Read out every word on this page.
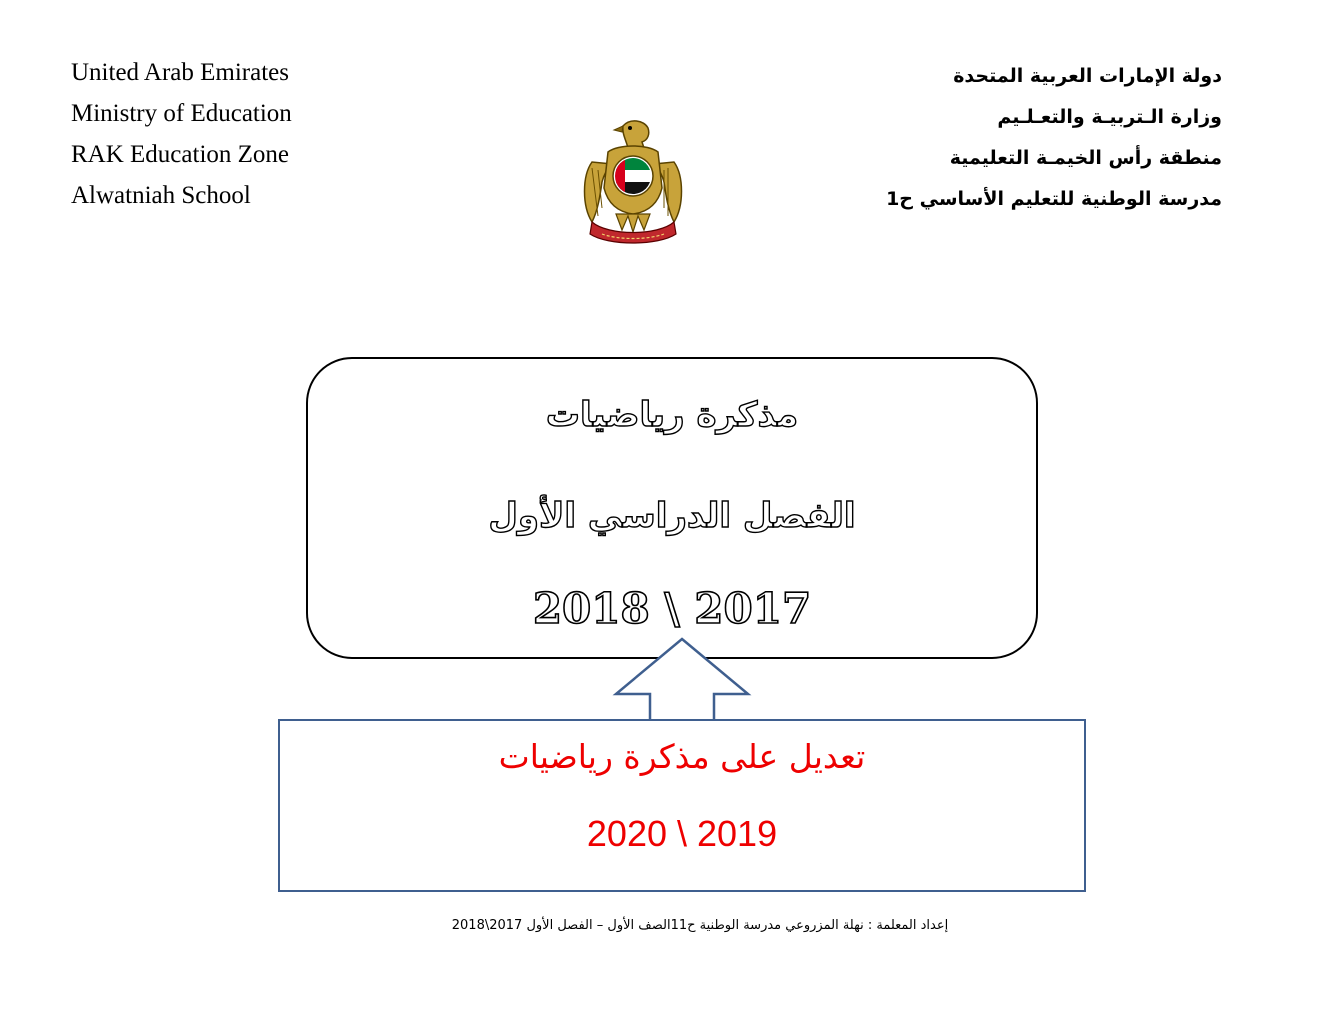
United Arab Emirates
Ministry of Education
RAK Education Zone
Alwatniah School
دولة الإمارات العربية المتحدة
وزارة الـتربيـة والتعـلـيم
منطقة رأس الخيمـة التعليمية
مدرسة الوطنية للتعليم الأساسي ح1
مذكرة رياضيات
الفصل الدراسي الأول
2018 \ 2017
تعديل على مذكرة رياضيات
2020 \ 2019
إعداد المعلمة : نهلة المزروعي مدرسة الوطنية ح11الصف الأول – الفصل الأول 2017\2018
